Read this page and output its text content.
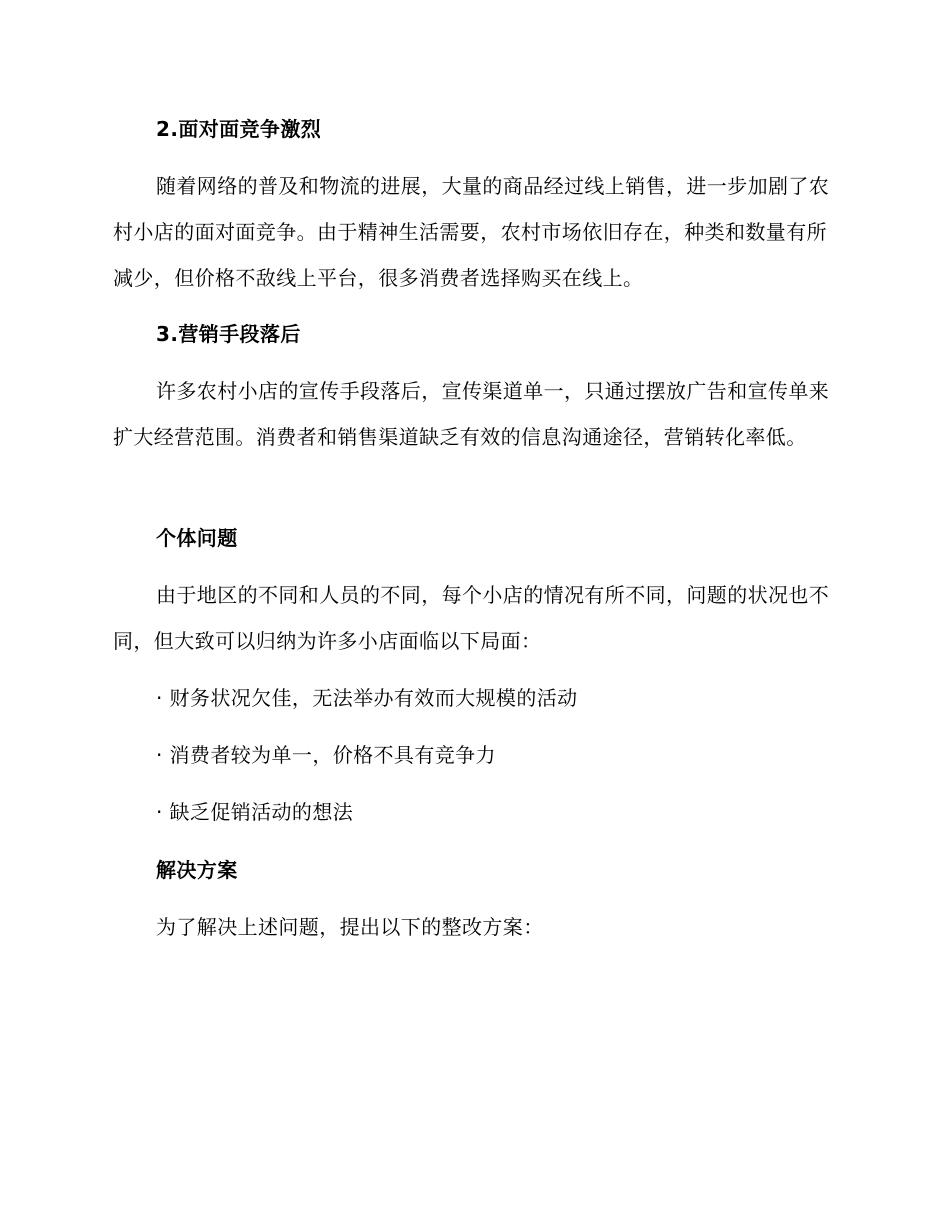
2.面对面竞争激烈

随着网络的普及和物流的进展，大量的商品经过线上销售，进一步加剧了农村小店的面对面竞争。由于精神生活需要，农村市场依旧存在，种类和数量有所减少，但价格不敌线上平台，很多消费者选择购买在线上。

3.营销手段落后

许多农村小店的宣传手段落后，宣传渠道单一，只通过摆放广告和宣传单来扩大经营范围。消费者和销售渠道缺乏有效的信息沟通途径，营销转化率低。

个体问题

由于地区的不同和人员的不同，每个小店的情况有所不同，问题的状况也不同，但大致可以归纳为许多小店面临以下局面：

· 财务状况欠佳，无法举办有效而大规模的活动
· 消费者较为单一，价格不具有竞争力
· 缺乏促销活动的想法
解决方案

为了解决上述问题，提出以下的整改方案：
